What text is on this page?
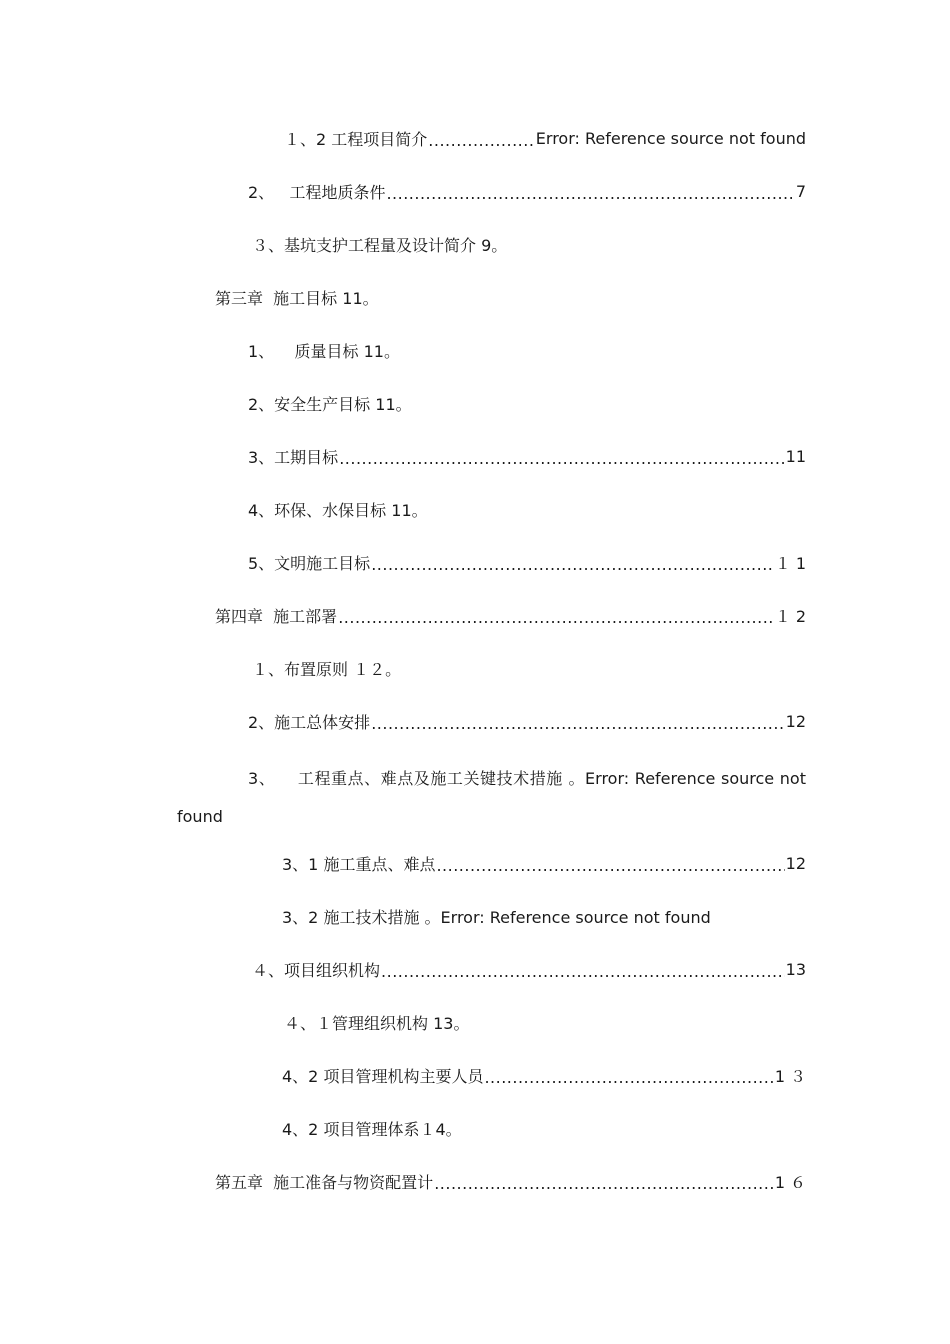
１、2 工程项目简介 .....	Error: Reference source not found
2、   工程地质条件 .....	7
３、基坑支护工程量及设计简介 9。
第三章  施工目标 11。
1、    质量目标 11。
2、安全生产目标 11。
3、工期目标 .....	11
4、环保、水保目标 11。
5、文明施工目标 .....	１1
第四章  施工部署 .....	１2
１、布置原则 １２。
2、施工总体安排 .....	12
3、    工程重点、难点及施工关键技术措施 。Error: Reference source not found
3、1 施工重点、难点 .....	12
3、2 施工技术措施 。Error: Reference source not found
４、项目组织机构 .....	13
４、１管理组织机构 13。
4、2 项目管理机构主要人员 .....	1３
4、2 项目管理体系１4。
第五章  施工准备与物资配置计 .....	1６
